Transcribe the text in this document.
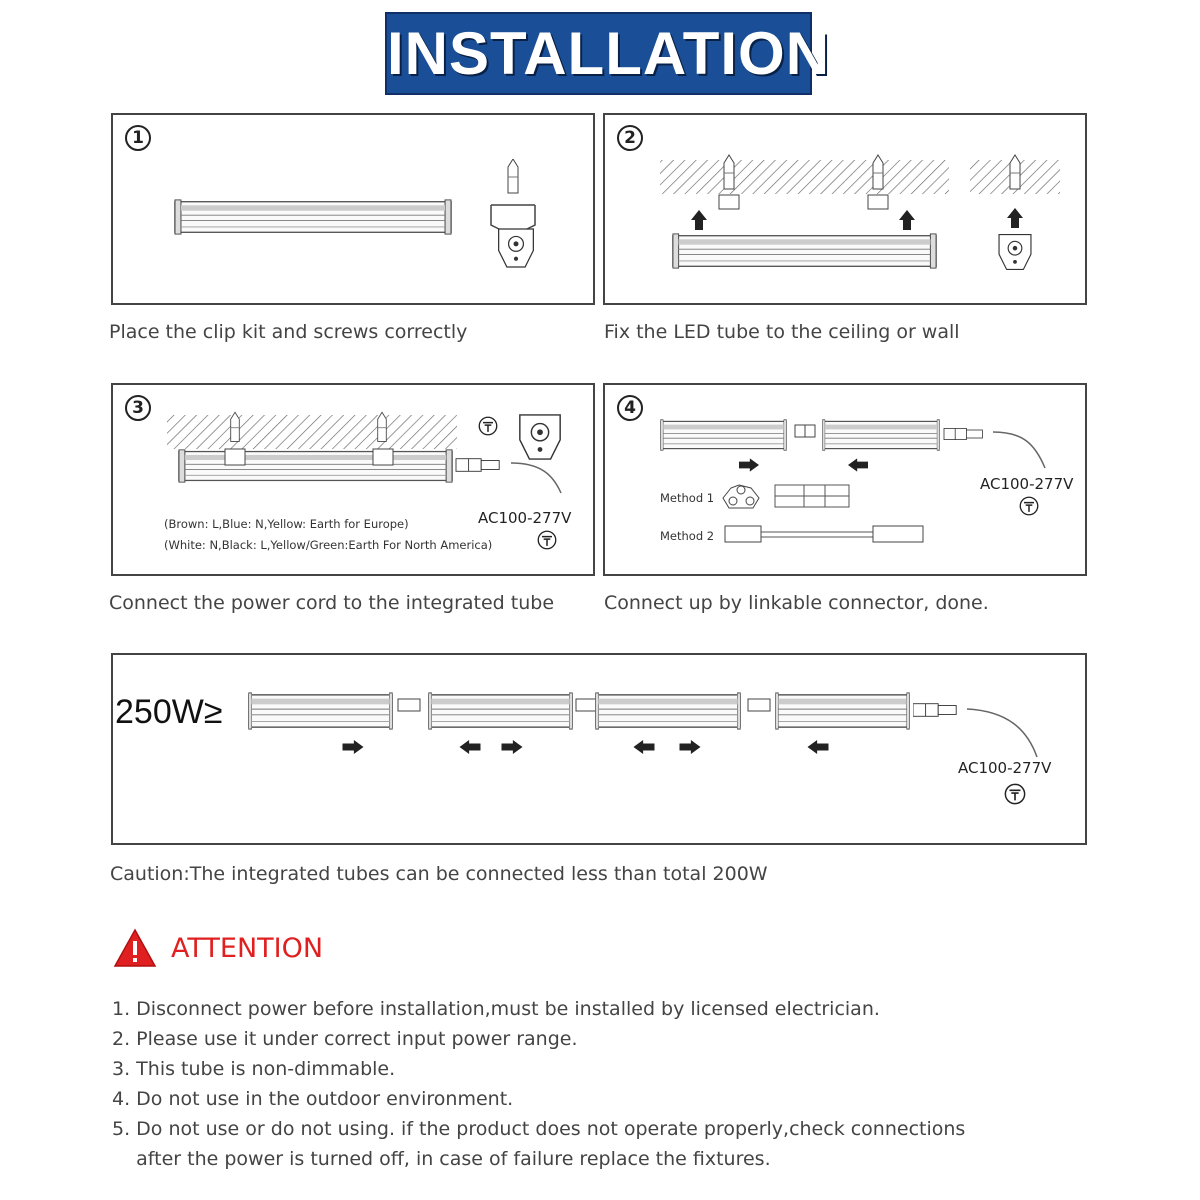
INSTALLATION
1
Place the clip kit and screws correctly
2
Fix the LED tube to the ceiling or wall
3
(Brown: L,Blue: N,Yellow: Earth for Europe)
(White: N,Black: L,Yellow/Green:Earth For North America)
AC100-277V
Connect the power cord to the integrated tube
4
Method 1
Method 2
AC100-277V
Connect up by linkable connector, done.
250W≥
AC100-277V
Caution:The integrated tubes can be connected less than total 200W
ATTENTION
1. Disconnect power before installation,must be installed by licensed electrician.
2. Please use it under correct input power range.
3. This tube is non-dimmable.
4. Do not use in the outdoor environment.
5. Do not use or do not using. if the product does not operate properly,check connections
after the power is turned off, in case of failure replace the fixtures.
